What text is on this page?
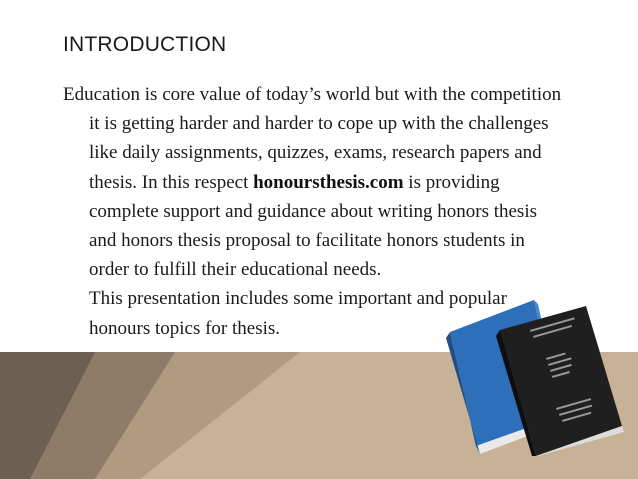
INTRODUCTION

Education is core value of today’s world but with the competition it is getting harder and harder to cope up with the challenges like daily assignments, quizzes, exams, research papers and thesis. In this respect honoursthesis.com is providing complete support and guidance about writing honors thesis and honors thesis proposal to facilitate honors students in order to fulfill their educational needs.

This presentation includes some important and popular honours topics for thesis.
